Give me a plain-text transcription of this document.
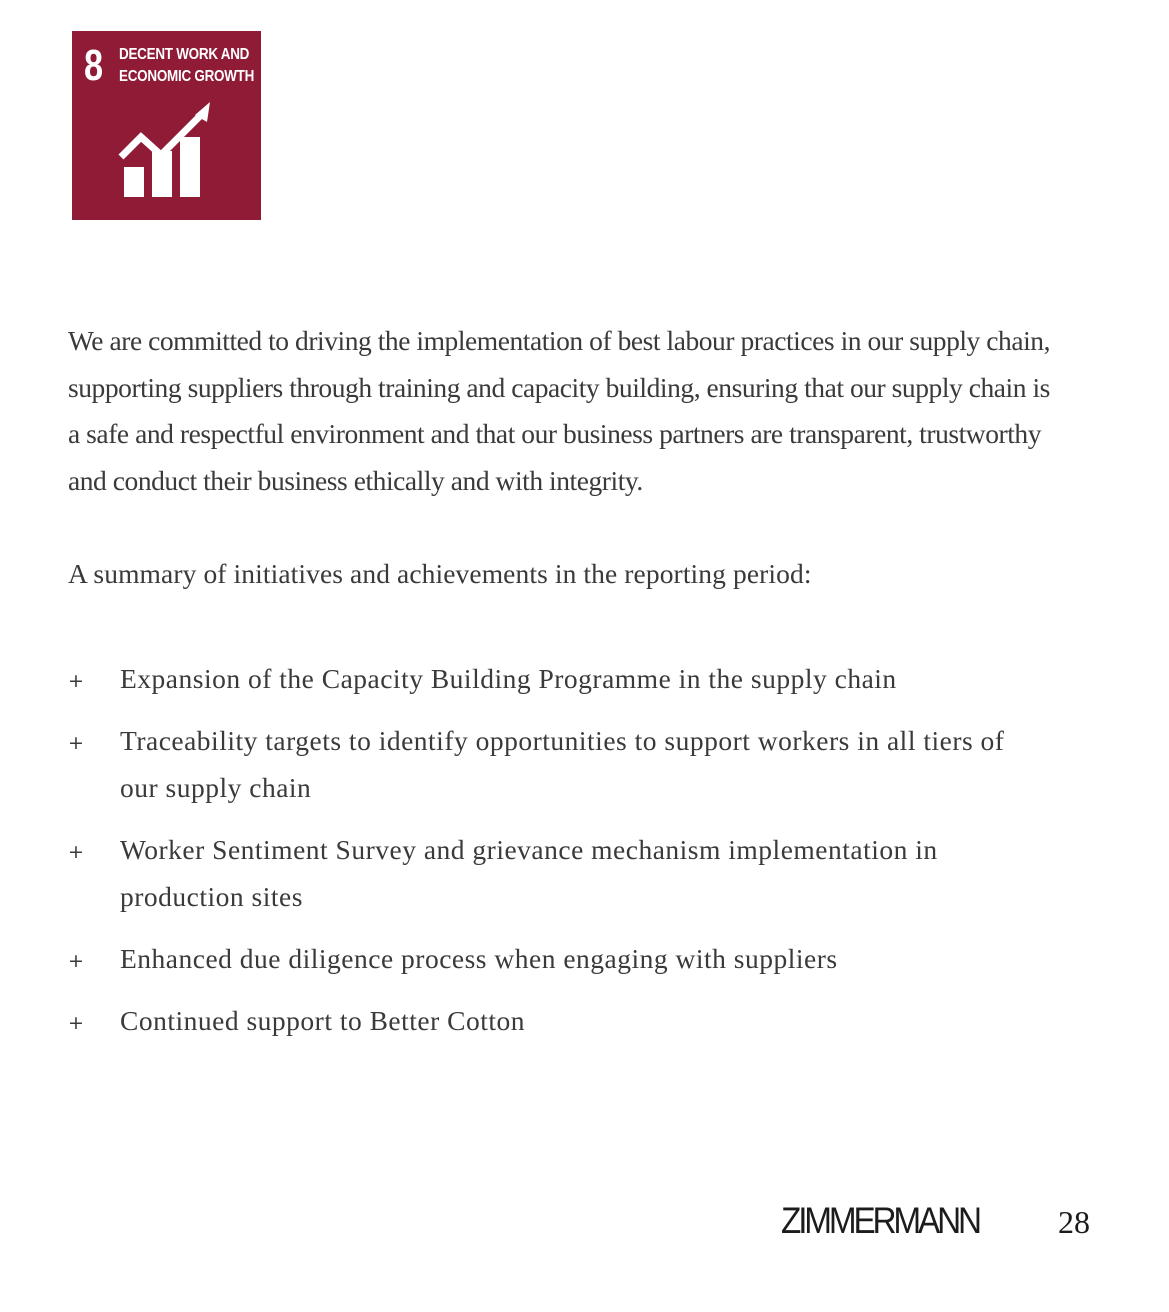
8 DECENT WORK AND
ECONOMIC GROWTH

We are committed to driving the implementation of best labour practices in our supply chain, supporting suppliers through training and capacity building, ensuring that our supply chain is a safe and respectful environment and that our business partners are transparent, trustworthy and conduct their business ethically and with integrity.

A summary of initiatives and achievements in the reporting period:

+ Expansion of the Capacity Building Programme in the supply chain
+ Traceability targets to identify opportunities to support workers in all tiers of our supply chain
+ Worker Sentiment Survey and grievance mechanism implementation in production sites
+ Enhanced due diligence process when engaging with suppliers
+ Continued support to Better Cotton
ZIMMERMANN 28
